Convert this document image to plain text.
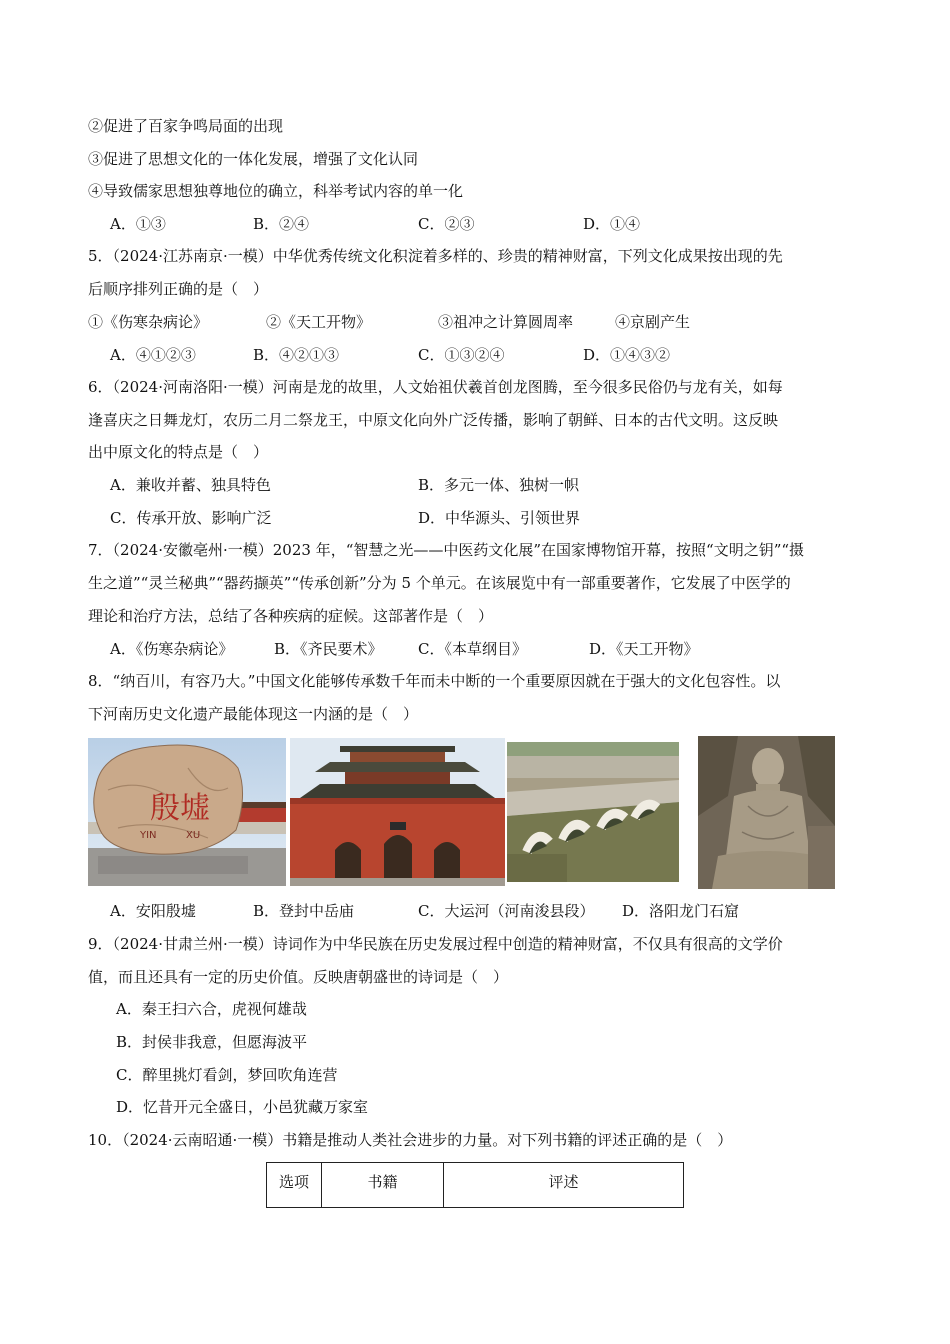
②促进了百家争鸣局面的出现
③促进了思想文化的一体化发展，增强了文化认同
④导致儒家思想独尊地位的确立，科举考试内容的单一化
A．①③	B．②④	C．②③	D．①④
5．（2024·江苏南京·一模）中华优秀传统文化积淀着多样的、珍贵的精神财富，下列文化成果按出现的先
后顺序排列正确的是（　）
①《伤寒杂病论》	②《天工开物》	③祖冲之计算圆周率	④京剧产生
A．④①②③	B．④②①③	C．①③②④	D．①④③②
6．（2024·河南洛阳·一模）河南是龙的故里，人文始祖伏羲首创龙图腾，至今很多民俗仍与龙有关，如每
逢喜庆之日舞龙灯，农历二月二祭龙王，中原文化向外广泛传播，影响了朝鲜、日本的古代文明。这反映
出中原文化的特点是（　）
A．兼收并蓄、独具特色	B．多元一体、独树一帜
C．传承开放、影响广泛	D．中华源头、引领世界
7．（2024·安徽亳州·一模）2023 年，“智慧之光——中医药文化展”在国家博物馆开幕，按照“文明之钥”“摄
生之道”“灵兰秘典”“器药撷英”“传承创新”分为 5 个单元。在该展览中有一部重要著作，它发展了中医学的
理论和治疗方法，总结了各种疾病的症候。这部著作是（　）
A．《伤寒杂病论》	B．《齐民要术》 C．《本草纲目》	D．《天工开物》
8．“纳百川，有容乃大。”中国文化能够传承数千年而未中断的一个重要原因就在于强大的文化包容性。以
下河南历史文化遗产最能体现这一内涵的是（　）
殷墟
YIN	XU
A．安阳殷墟	B．登封中岳庙	C．大运河（河南浚县段） D．洛阳龙门石窟
9．（2024·甘肃兰州·一模）诗词作为中华民族在历史发展过程中创造的精神财富，不仅具有很高的文学价
值，而且还具有一定的历史价值。反映唐朝盛世的诗词是（　）
A．秦王扫六合，虎视何雄哉
B．封侯非我意，但愿海波平
C．醉里挑灯看剑，梦回吹角连营
D．忆昔开元全盛日，小邑犹藏万家室
10．（2024·云南昭通·一模）书籍是推动人类社会进步的力量。对下列书籍的评述正确的是（　）
选项	书籍	评述
